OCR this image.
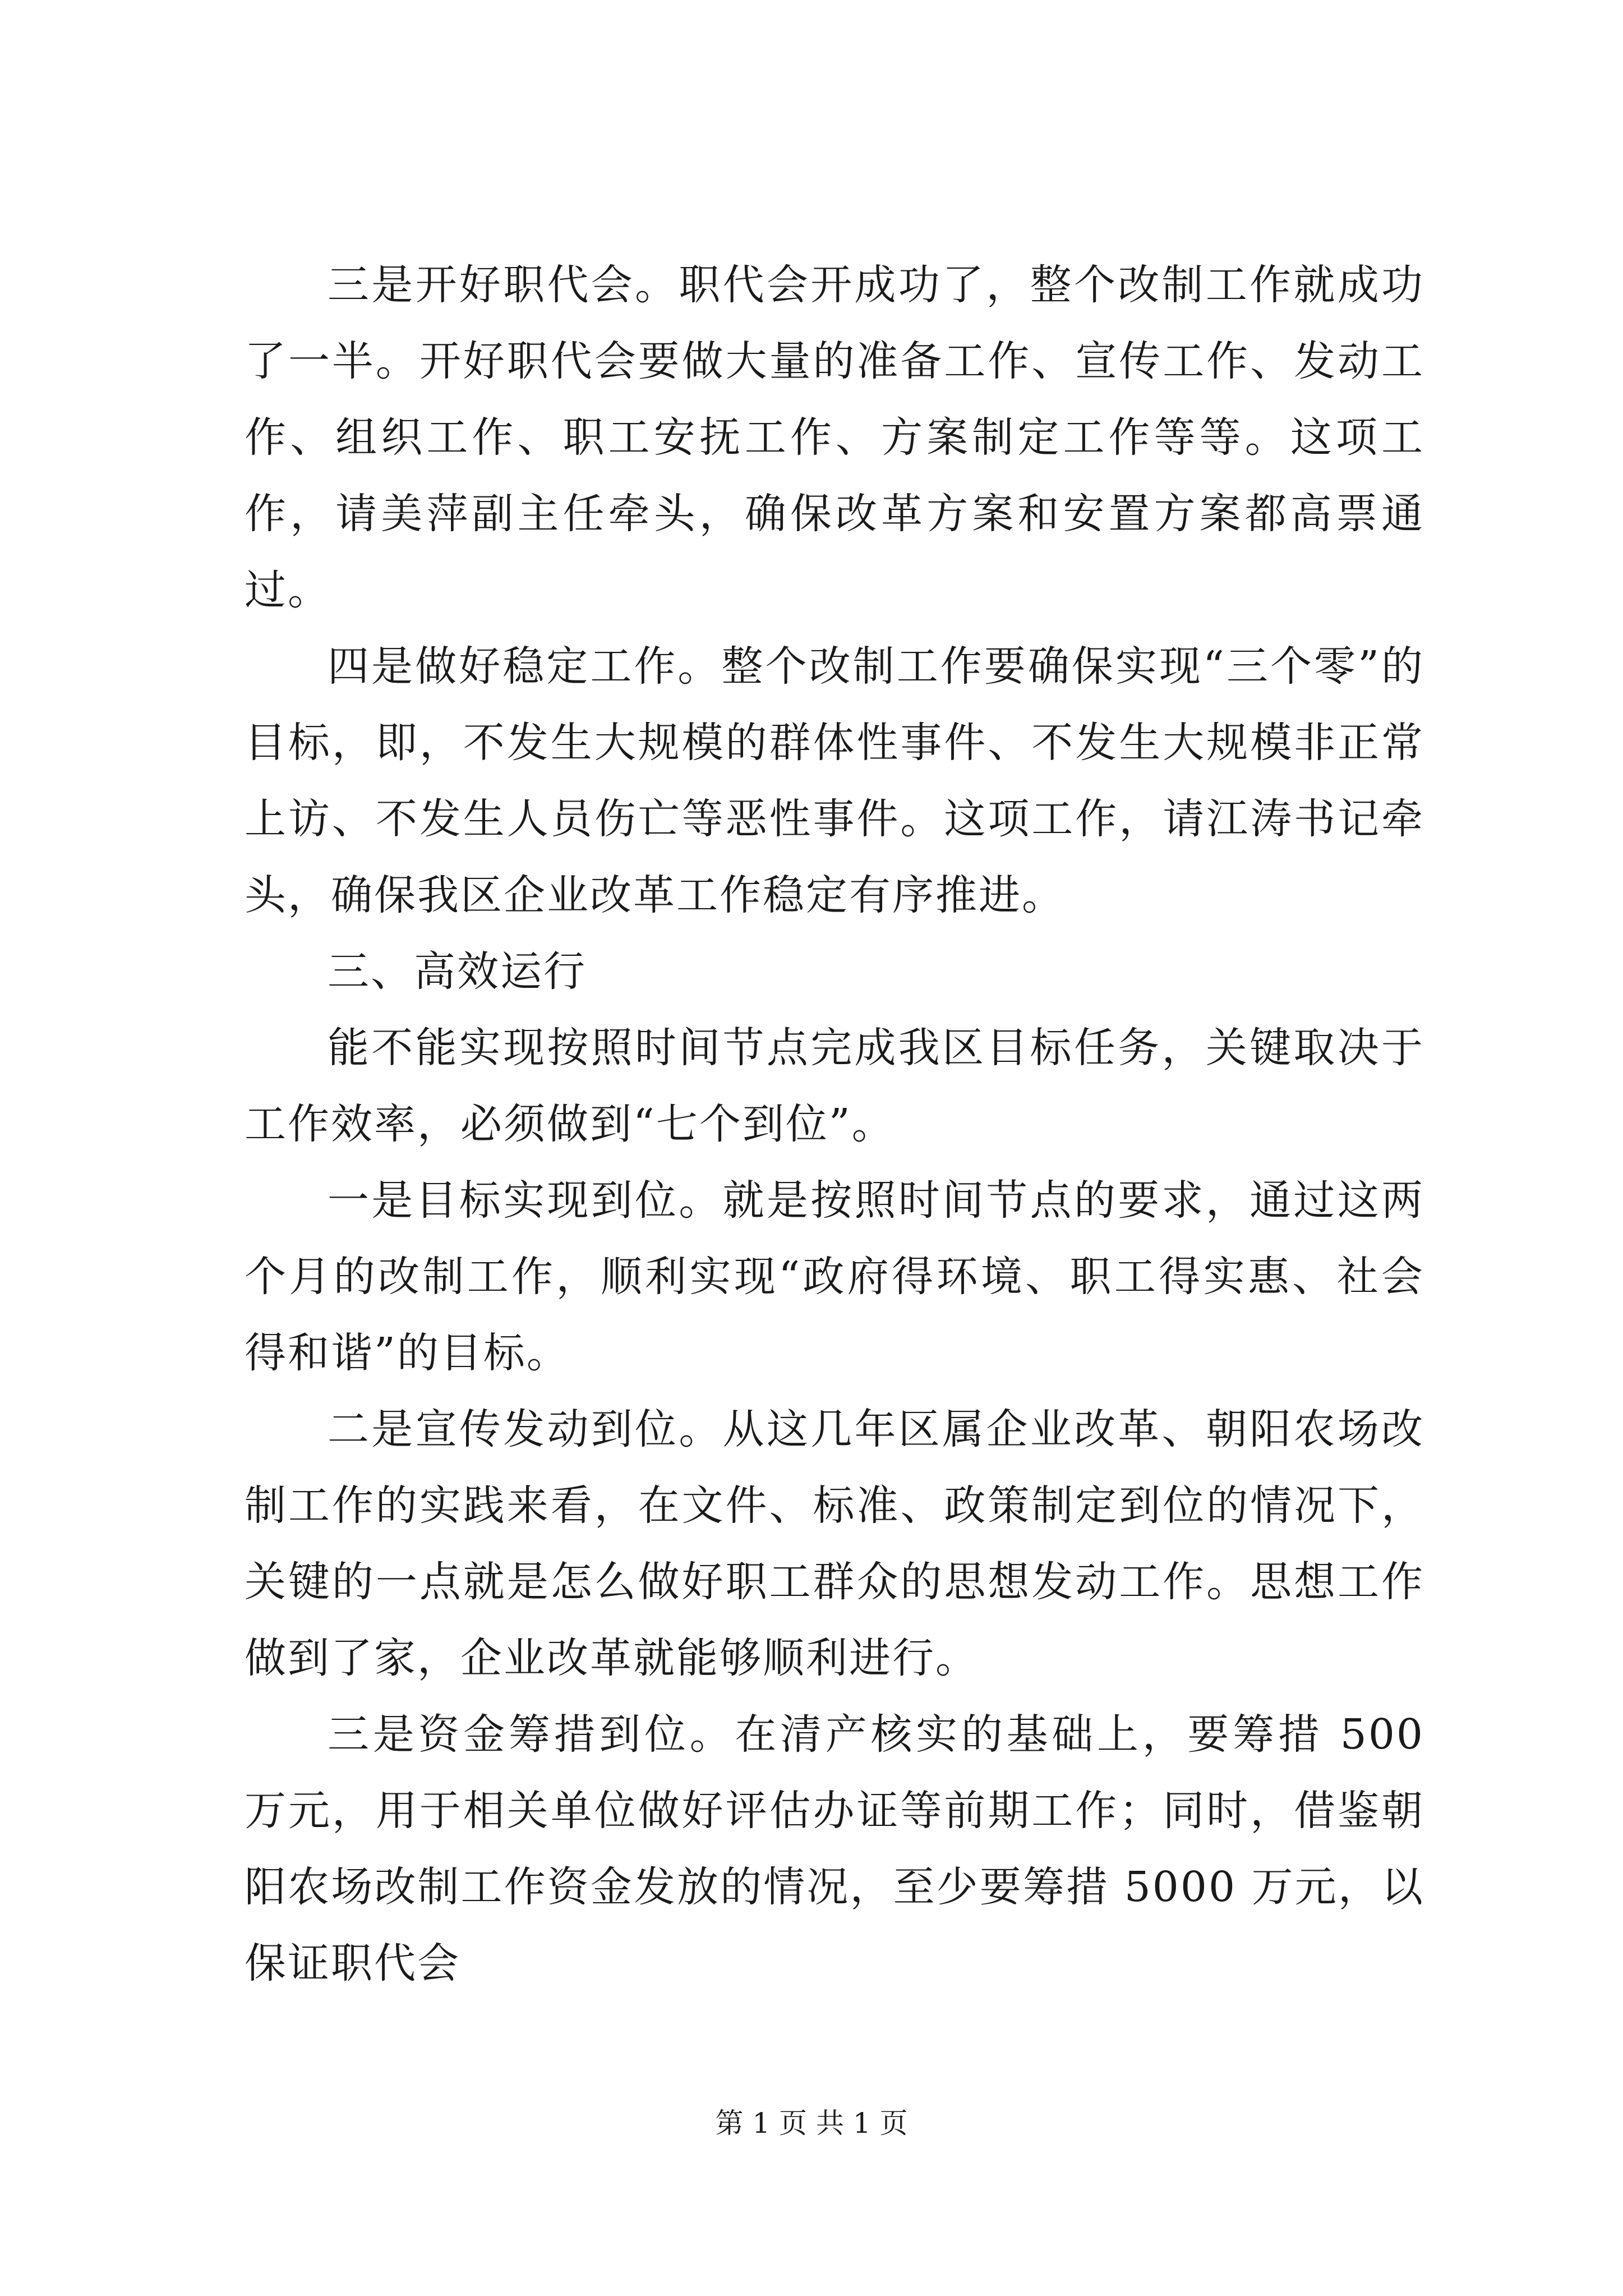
三是开好职代会。职代会开成功了，整个改制工作就成功了一半。开好职代会要做大量的准备工作、宣传工作、发动工作、组织工作、职工安抚工作、方案制定工作等等。这项工作，请美萍副主任牵头，确保改革方案和安置方案都高票通过。

四是做好稳定工作。整个改制工作要确保实现“三个零”的目标，即，不发生大规模的群体性事件、不发生大规模非正常上访、不发生人员伤亡等恶性事件。这项工作，请江涛书记牵头，确保我区企业改革工作稳定有序推进。

三、高效运行

能不能实现按照时间节点完成我区目标任务，关键取决于工作效率，必须做到“七个到位”。

一是目标实现到位。就是按照时间节点的要求，通过这两个月的改制工作，顺利实现“政府得环境、职工得实惠、社会得和谐”的目标。

二是宣传发动到位。从这几年区属企业改革、朝阳农场改制工作的实践来看，在文件、标准、政策制定到位的情况下，关键的一点就是怎么做好职工群众的思想发动工作。思想工作做到了家，企业改革就能够顺利进行。

三是资金筹措到位。在清产核实的基础上，要筹措 500 万元，用于相关单位做好评估办证等前期工作；同时，借鉴朝阳农场改制工作资金发放的情况，至少要筹措 5000 万元，以保证职代会

第 1 页 共 1 页
